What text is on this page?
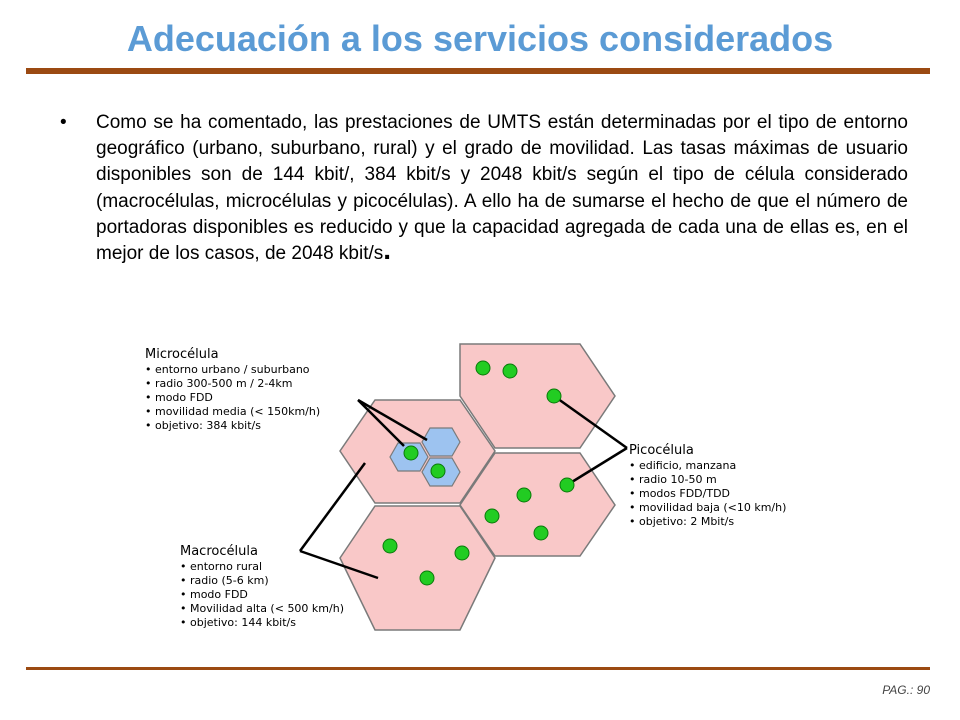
Adecuación a los servicios considerados
• Como se ha comentado, las prestaciones de UMTS están determinadas por el tipo de entorno geográfico (urbano, suburbano, rural) y el grado de movilidad. Las tasas máximas de usuario disponibles son de 144 kbit/, 384 kbit/s y 2048 kbit/s según el tipo de célula considerado (macrocélulas, microcélulas y picocélulas). A ello ha de sumarse el hecho de que el número de portadoras disponibles es reducido y que la capacidad agregada de cada una de ellas es, en el mejor de los casos, de 2048 kbit/s.
Microcélula
• entorno urbano / suburbano
• radio 300-500 m / 2-4km
• modo FDD
• movilidad media (< 150km/h)
• objetivo: 384 kbit/s
Picocélula
• edificio, manzana
• radio 10-50 m
• modos FDD/TDD
• movilidad baja (<10 km/h)
• objetivo: 2 Mbit/s
Macrocélula
• entorno rural
• radio (5-6 km)
• modo FDD
• Movilidad alta (< 500 km/h)
• objetivo: 144 kbit/s
PAG.: 90
